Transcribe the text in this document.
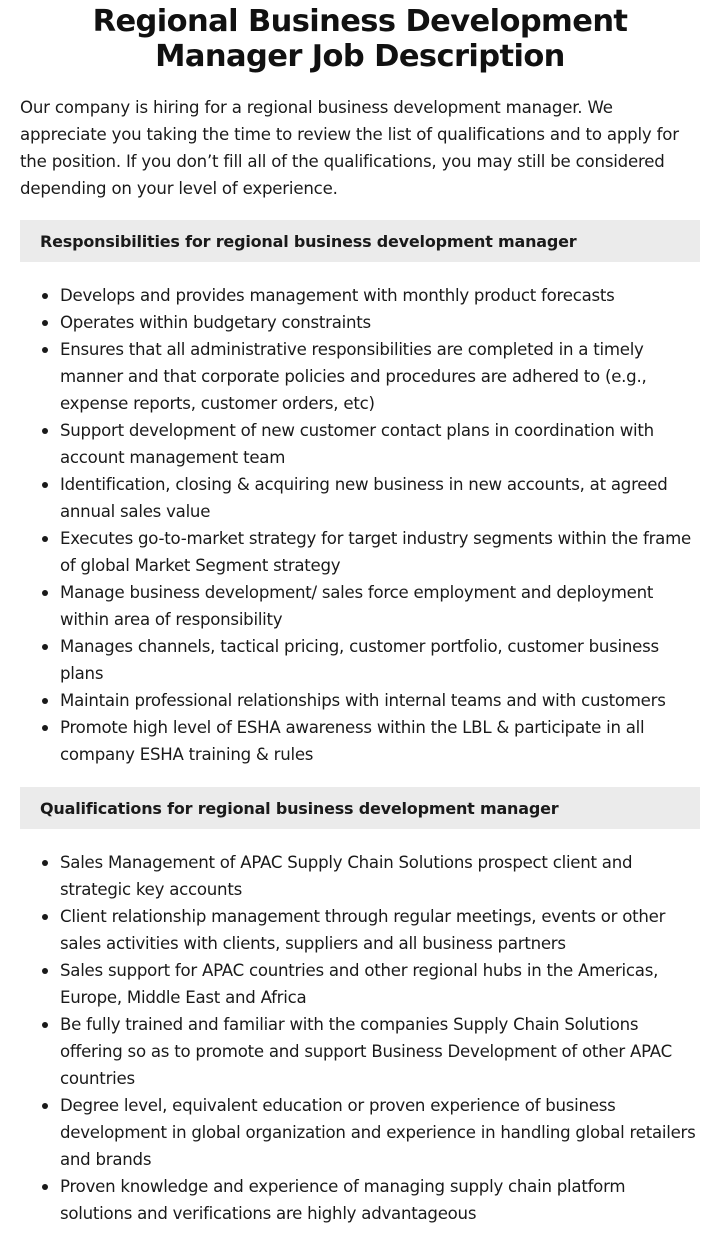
Regional Business Development Manager Job Description

Our company is hiring for a regional business development manager. We appreciate you taking the time to review the list of qualifications and to apply for the position. If you don’t fill all of the qualifications, you may still be considered depending on your level of experience.

Responsibilities for regional business development manager
Develops and provides management with monthly product forecasts
Operates within budgetary constraints
Ensures that all administrative responsibilities are completed in a timely manner and that corporate policies and procedures are adhered to (e.g., expense reports, customer orders, etc)
Support development of new customer contact plans in coordination with account management team
Identification, closing & acquiring new business in new accounts, at agreed annual sales value
Executes go-to-market strategy for target industry segments within the frame of global Market Segment strategy
Manage business development/ sales force employment and deployment within area of responsibility
Manages channels, tactical pricing, customer portfolio, customer business plans
Maintain professional relationships with internal teams and with customers
Promote high level of ESHA awareness within the LBL & participate in all company ESHA training & rules
Qualifications for regional business development manager
Sales Management of APAC Supply Chain Solutions prospect client and strategic key accounts
Client relationship management through regular meetings, events or other sales activities with clients, suppliers and all business partners
Sales support for APAC countries and other regional hubs in the Americas, Europe, Middle East and Africa
Be fully trained and familiar with the companies Supply Chain Solutions offering so as to promote and support Business Development of other APAC countries
Degree level, equivalent education or proven experience of business development in global organization and experience in handling global retailers and brands
Proven knowledge and experience of managing supply chain platform solutions and verifications are highly advantageous
